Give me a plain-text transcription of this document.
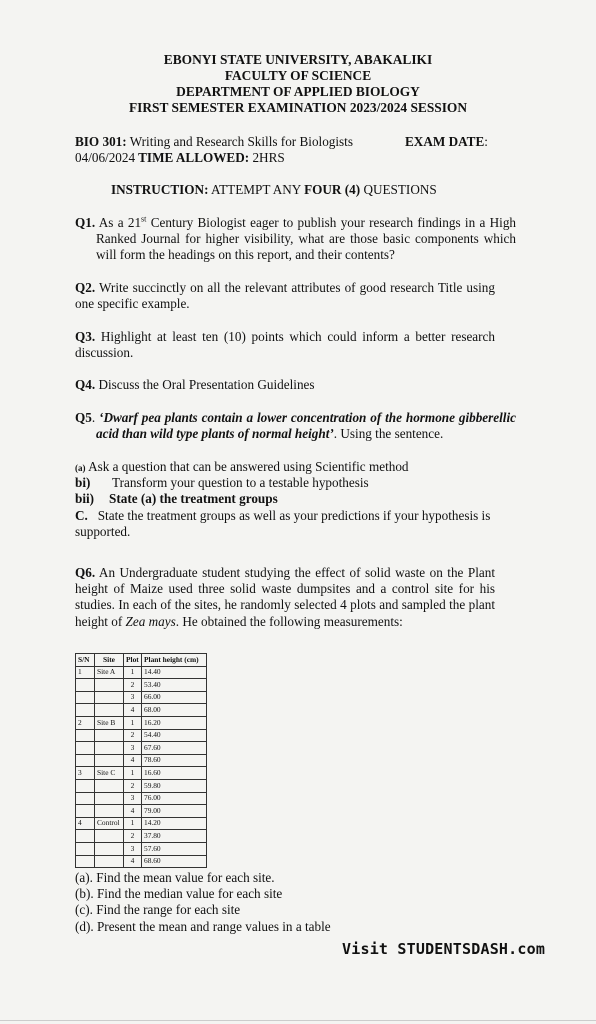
EBONYI STATE UNIVERSITY, ABAKALIKI
FACULTY OF SCIENCE
DEPARTMENT OF APPLIED BIOLOGY
FIRST SEMESTER EXAMINATION 2023/2024 SESSION
BIO 301: Writing and Research Skills for Biologists	EXAM DATE:
04/06/2024 TIME ALLOWED: 2HRS
INSTRUCTION: ATTEMPT ANY FOUR (4) QUESTIONS
Q1. As a 21st Century Biologist eager to publish your research findings in a High Ranked Journal for higher visibility, what are those basic components which will form the headings on this report, and their contents?
Q2. Write succinctly on all the relevant attributes of good research Title using one specific example.
Q3. Highlight at least ten (10) points which could inform a better research discussion.
Q4. Discuss the Oral Presentation Guidelines
Q5. ‘Dwarf pea plants contain a lower concentration of the hormone gibberellic acid than wild type plants of normal height’. Using the sentence.
(a) Ask a question that can be answered using Scientific method
bi) Transform your question to a testable hypothesis
bii) State (a) the treatment groups
C. State the treatment groups as well as your predictions if your hypothesis is supported.
Q6. An Undergraduate student studying the effect of solid waste on the Plant height of Maize used three solid waste dumpsites and a control site for his studies. In each of the sites, he randomly selected 4 plots and sampled the plant height of Zea mays. He obtained the following measurements:
S/N	Site	Plot	Plant height (cm)
1	Site A	1	14.40
		2	53.40
		3	66.00
		4	68.00
2	Site B	1	16.20
		2	54.40
		3	67.60
		4	78.60
3	Site C	1	16.60
		2	59.80
		3	76.00
		4	79.00
4	Control	1	14.20
		2	37.80
		3	57.60
		4	68.60
(a). Find the mean value for each site.
(b). Find the median value for each site
(c). Find the range for each site
(d). Present the mean and range values in a table
Visit STUDENTSDASH.com
